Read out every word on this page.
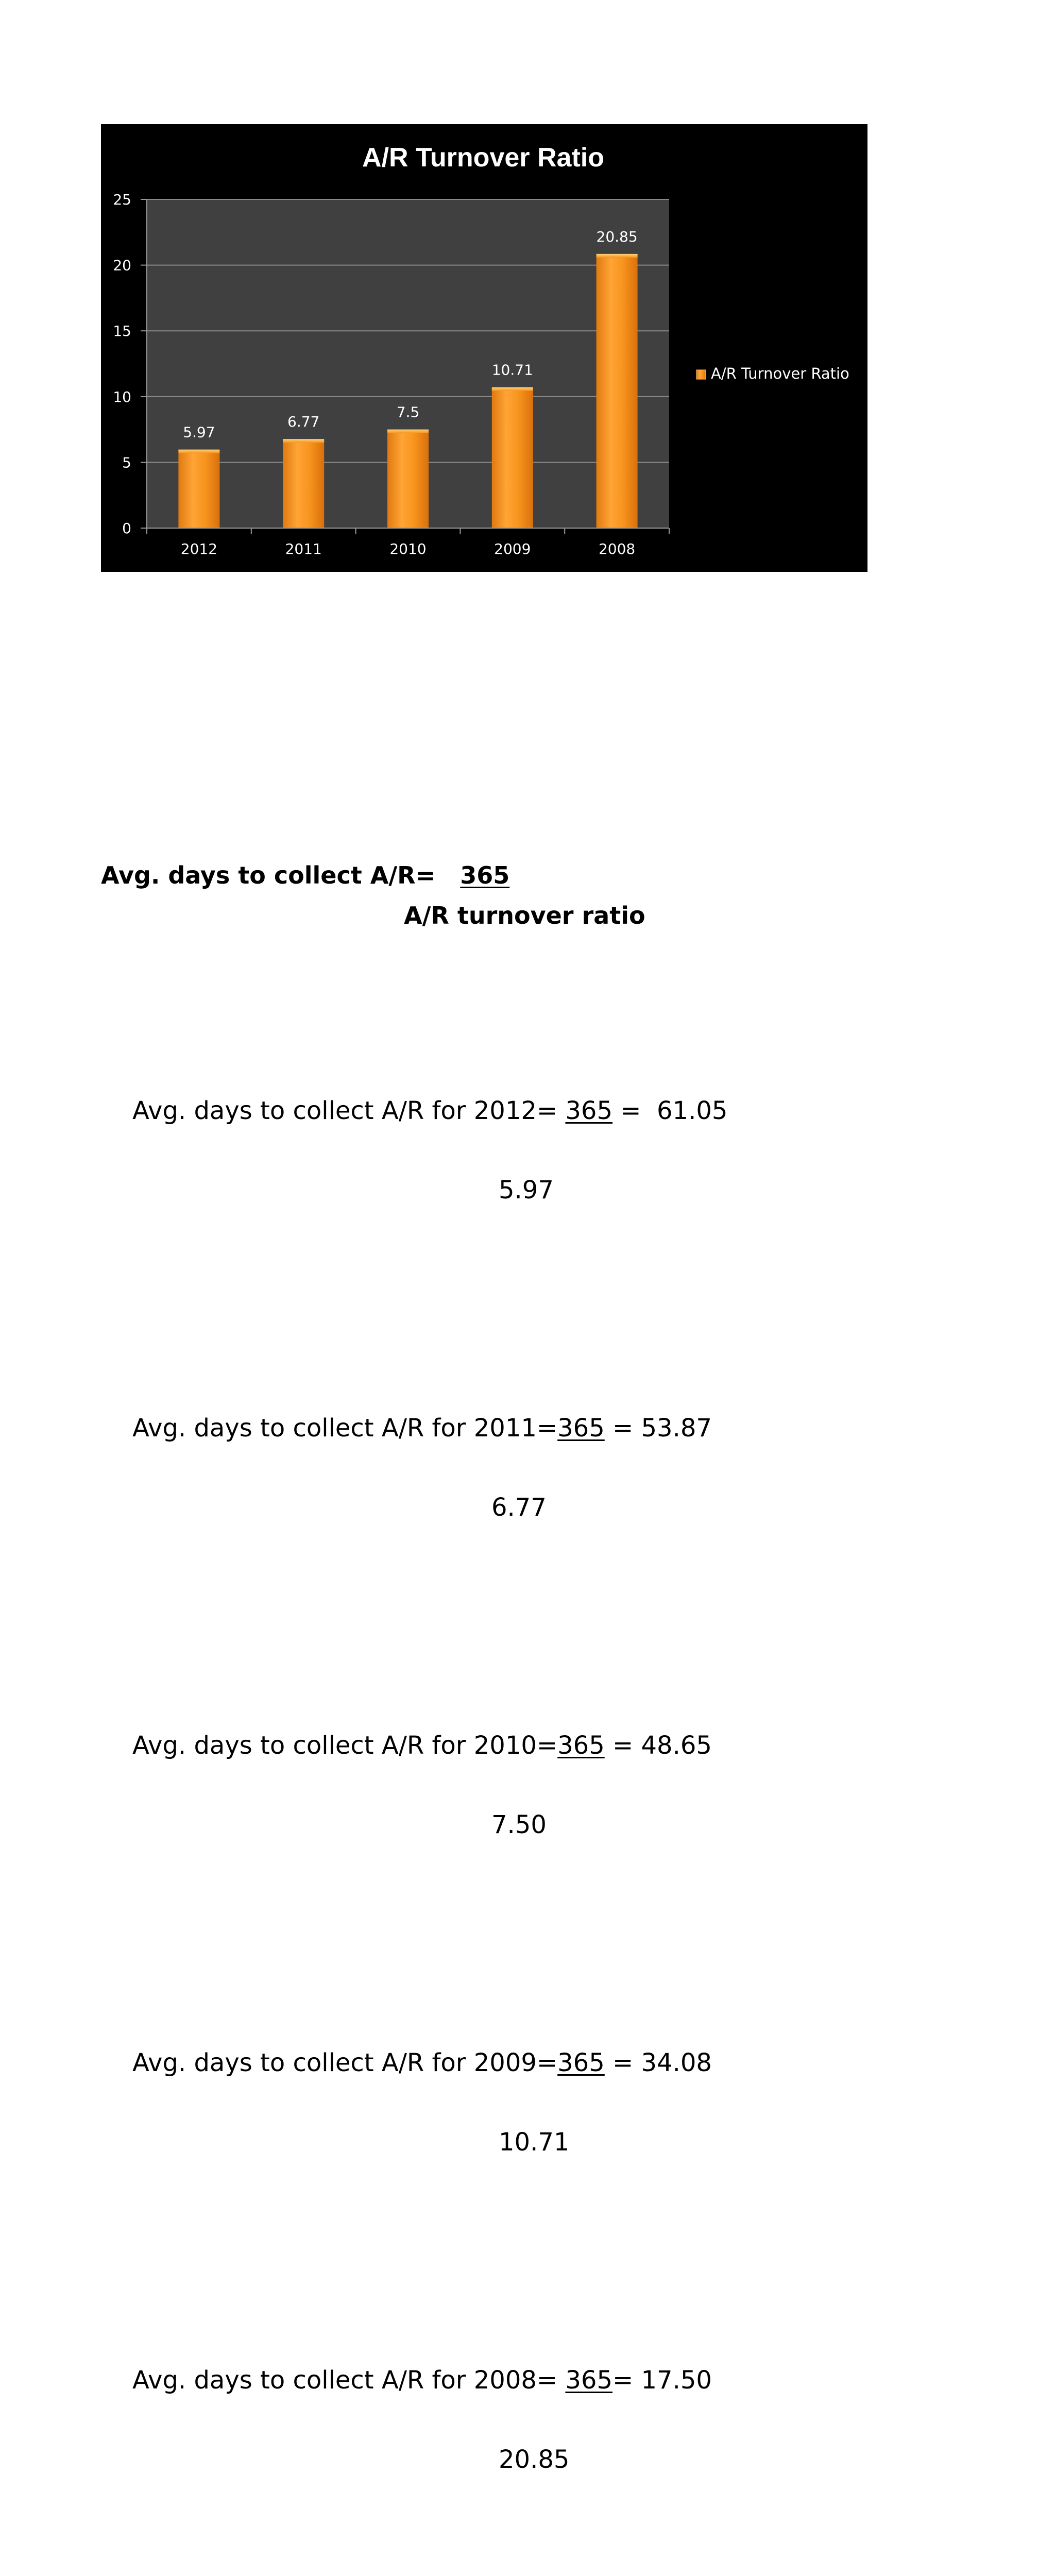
0
5
10
15
20
25
2012	2011	2010	2009	2008
5.97
6.77
7.5
10.71
20.85
A/R Turnover Ratio
A/R Turnover Ratio
Avg. days to collect A/R= 365
A/R turnover ratio

Avg. days to collect A/R for 2012= 365 =  61.05

5.97

Avg. days to collect A/R for 2011=365 = 53.87

6.77

Avg. days to collect A/R for 2010=365 = 48.65

7.50

Avg. days to collect A/R for 2009=365 = 34.08

10.71

Avg. days to collect A/R for 2008= 365= 17.50

20.85
